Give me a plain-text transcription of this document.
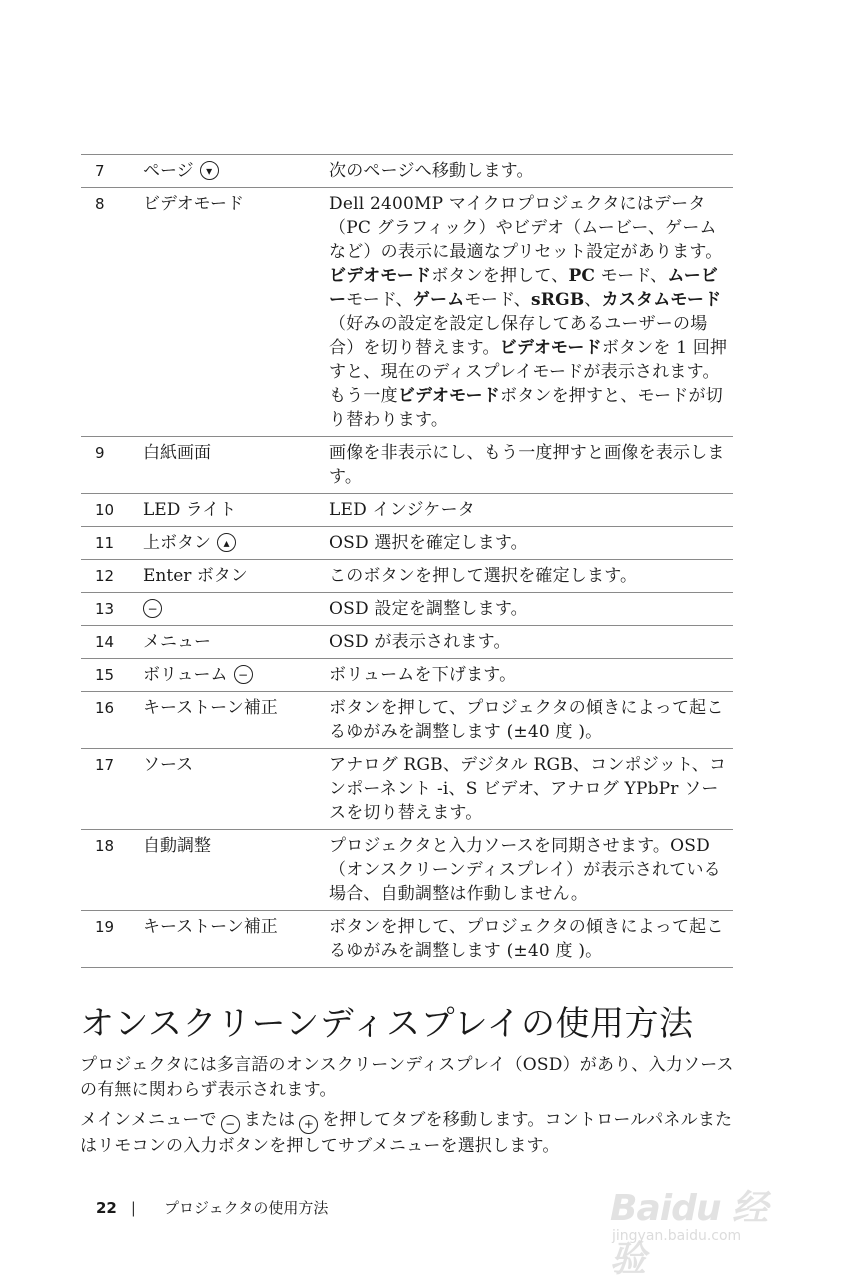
7	ページ	▾	次のページへ移動します。
8	ビデオモード	Dell 2400MP マイクロプロジェクタにはデータ（PC グラフィック）やビデオ（ムービー、ゲームなど）の表示に最適なプリセット設定があります。ビデオモードボタンを押して、PC モード、ムービーモード、ゲームモード、sRGB、カスタムモード（好みの設定を設定し保存してあるユーザーの場合）を切り替えます。ビデオモードボタンを 1 回押すと、現在のディスプレイモードが表示されます。もう一度ビデオモードボタンを押すと、モードが切り替わります。
9	白紙画面	画像を非表示にし、もう一度押すと画像を表示します。
10	LED ライト	LED インジケータ
11	上ボタン	▴	OSD 選択を確定します。
12	Enter ボタン	このボタンを押して選択を確定します。
13	−	OSD 設定を調整します。
14	メニュー	OSD が表示されます。
15	ボリューム −	ボリュームを下げます。
16	キーストーン補正	ボタンを押して、プロジェクタの傾きによって起こるゆがみを調整します (±40 度 )。
17	ソース	アナログ RGB、デジタル RGB、コンポジット、コンポーネント -i、S ビデオ、アナログ YPbPr ソースを切り替えます。
18	自動調整	プロジェクタと入力ソースを同期させます。OSD（オンスクリーンディスプレイ）が表示されている場合、自動調整は作動しません。
19	キーストーン補正	ボタンを押して、プロジェクタの傾きによって起こるゆがみを調整します (±40 度 )。
オンスクリーンディスプレイの使用方法

プロジェクタには多言語のオンスクリーンディスプレイ（OSD）があり、入力ソースの有無に関わらず表示されます。

メインメニューで − または + を押してタブを移動します。コントロールパネルまたはリモコンの入力ボタンを押してサブメニューを選択します。

22 | プロジェクタの使用方法	Baidu 经验
jingyan.baidu.com
